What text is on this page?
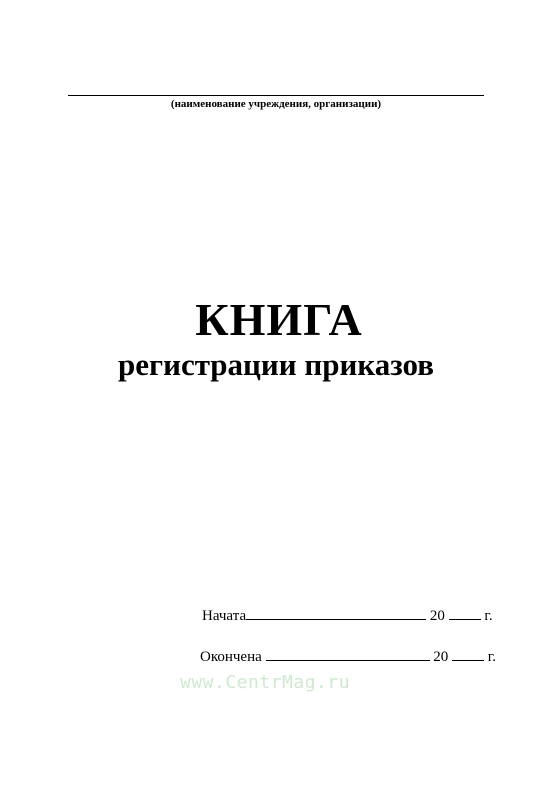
(наименование учреждения, организации)
КНИГА
регистрации приказов
Начата	20	г.
Окончена	20	г.
www.CentrMag.ru
